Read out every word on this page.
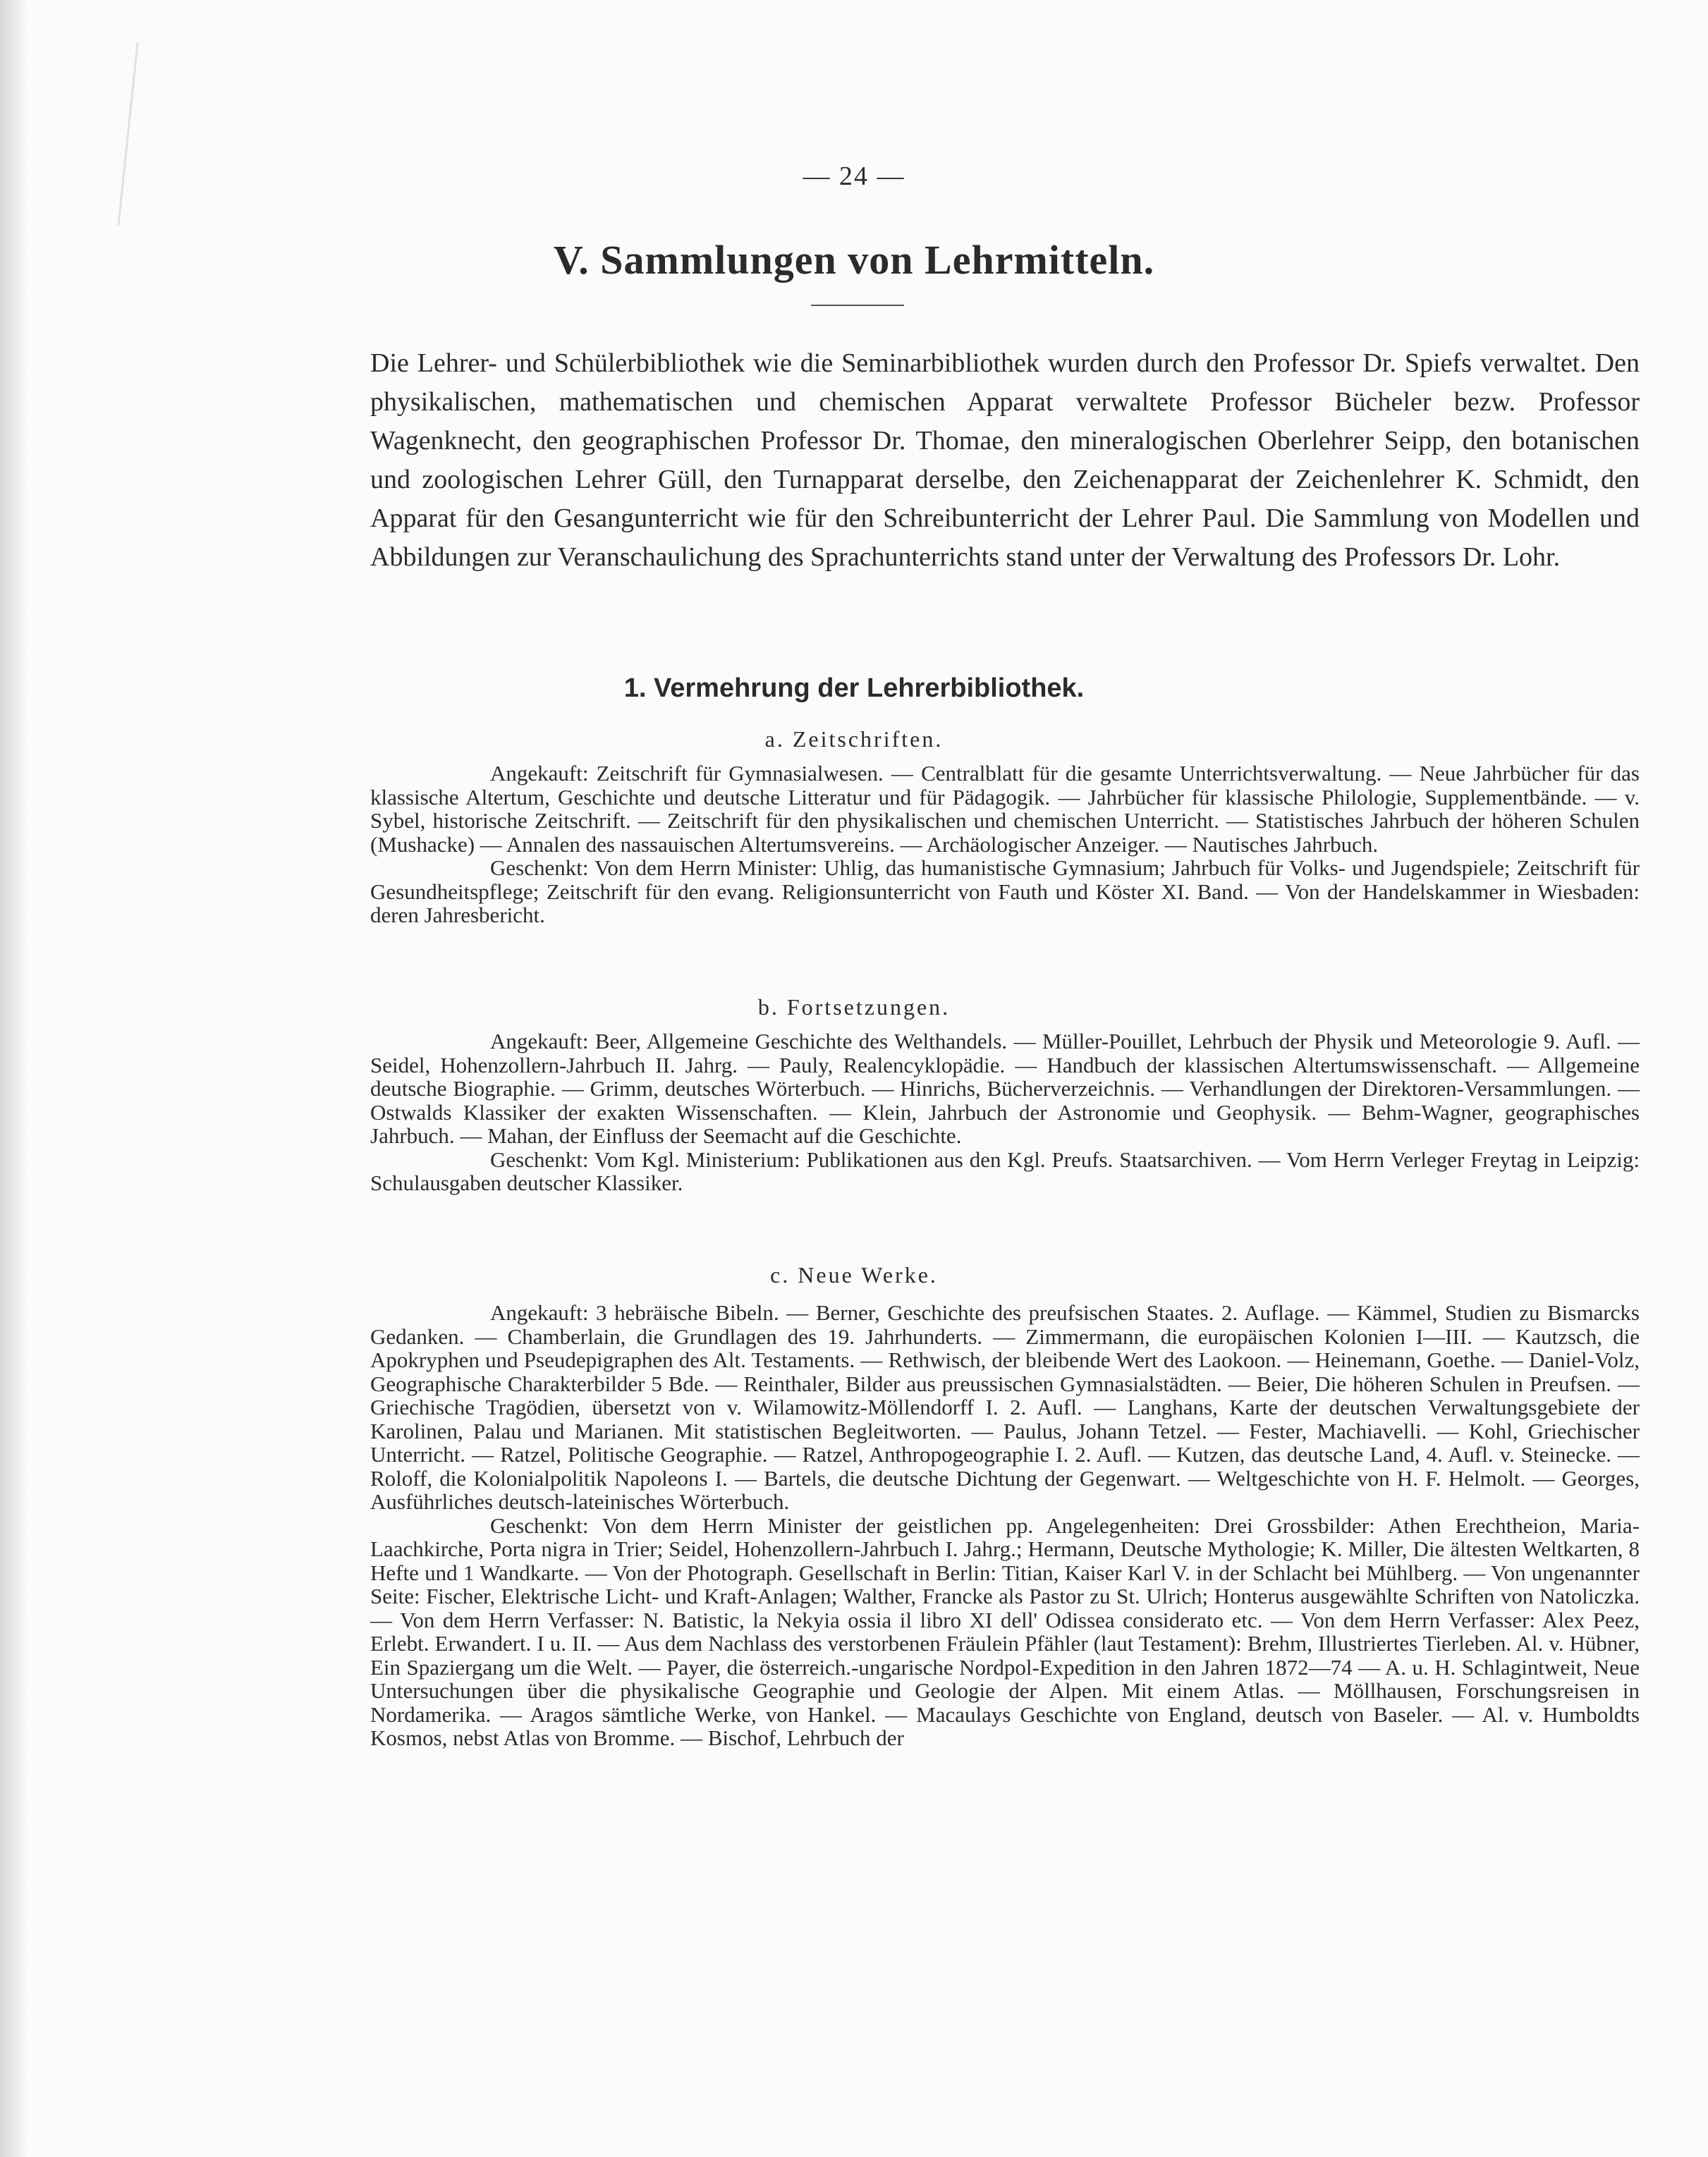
— 24 —
V. Sammlungen von Lehrmitteln.

Die Lehrer- und Schülerbibliothek wie die Seminarbibliothek wurden durch den Professor Dr. Spiefs verwaltet. Den physikalischen, mathematischen und chemischen Apparat verwaltete Professor Bücheler bezw. Professor Wagenknecht, den geographischen Professor Dr. Thomae, den mineralogischen Oberlehrer Seipp, den botanischen und zoologischen Lehrer Güll, den Turnapparat derselbe, den Zeichenapparat der Zeichenlehrer K. Schmidt, den Apparat für den Gesangunterricht wie für den Schreibunterricht der Lehrer Paul. Die Sammlung von Modellen und Abbildungen zur Veranschaulichung des Sprachunterrichts stand unter der Verwaltung des Professors Dr. Lohr.

1. Vermehrung der Lehrerbibliothek.
a. Zeitschriften.

Angekauft: Zeitschrift für Gymnasialwesen. — Centralblatt für die gesamte Unterrichtsverwaltung. — Neue Jahrbücher für das klassische Altertum, Geschichte und deutsche Litteratur und für Pädagogik. — Jahrbücher für klassische Philologie, Supplementbände. — v. Sybel, historische Zeitschrift. — Zeitschrift für den physikalischen und chemischen Unterricht. — Statistisches Jahrbuch der höheren Schulen (Mushacke) — Annalen des nassauischen Altertumsvereins. — Archäologischer Anzeiger. — Nautisches Jahrbuch.

Geschenkt: Von dem Herrn Minister: Uhlig, das humanistische Gymnasium; Jahrbuch für Volks- und Jugendspiele; Zeitschrift für Gesundheitspflege; Zeitschrift für den evang. Religionsunterricht von Fauth und Köster XI. Band. — Von der Handelskammer in Wiesbaden: deren Jahresbericht.

b. Fortsetzungen.

Angekauft: Beer, Allgemeine Geschichte des Welthandels. — Müller-Pouillet, Lehrbuch der Physik und Meteorologie 9. Aufl. — Seidel, Hohenzollern-Jahrbuch II. Jahrg. — Pauly, Realencyklopädie. — Handbuch der klassischen Altertumswissenschaft. — Allgemeine deutsche Biographie. — Grimm, deutsches Wörterbuch. — Hinrichs, Bücherverzeichnis. — Verhandlungen der Direktoren-Versammlungen. — Ostwalds Klassiker der exakten Wissenschaften. — Klein, Jahrbuch der Astronomie und Geophysik. — Behm-Wagner, geographisches Jahrbuch. — Mahan, der Einfluss der Seemacht auf die Geschichte.

Geschenkt: Vom Kgl. Ministerium: Publikationen aus den Kgl. Preufs. Staatsarchiven. — Vom Herrn Verleger Freytag in Leipzig: Schulausgaben deutscher Klassiker.

c. Neue Werke.

Angekauft: 3 hebräische Bibeln. — Berner, Geschichte des preufsischen Staates. 2. Auflage. — Kämmel, Studien zu Bismarcks Gedanken. — Chamberlain, die Grundlagen des 19. Jahrhunderts. — Zimmermann, die europäischen Kolonien I—III. — Kautzsch, die Apokryphen und Pseudepigraphen des Alt. Testaments. — Rethwisch, der bleibende Wert des Laokoon. — Heinemann, Goethe. — Daniel-Volz, Geographische Charakterbilder 5 Bde. — Reinthaler, Bilder aus preussischen Gymnasialstädten. — Beier, Die höheren Schulen in Preufsen. — Griechische Tragödien, übersetzt von v. Wilamowitz-Möllendorff I. 2. Aufl. — Langhans, Karte der deutschen Verwaltungsgebiete der Karolinen, Palau und Marianen. Mit statistischen Begleitworten. — Paulus, Johann Tetzel. — Fester, Machiavelli. — Kohl, Griechischer Unterricht. — Ratzel, Politische Geographie. — Ratzel, Anthropogeographie I. 2. Aufl. — Kutzen, das deutsche Land, 4. Aufl. v. Steinecke. — Roloff, die Kolonialpolitik Napoleons I. — Bartels, die deutsche Dichtung der Gegenwart. — Weltgeschichte von H. F. Helmolt. — Georges, Ausführliches deutsch-lateinisches Wörterbuch.

Geschenkt: Von dem Herrn Minister der geistlichen pp. Angelegenheiten: Drei Grossbilder: Athen Erechtheion, Maria-Laachkirche, Porta nigra in Trier; Seidel, Hohenzollern-Jahrbuch I. Jahrg.; Hermann, Deutsche Mythologie; K. Miller, Die ältesten Weltkarten, 8 Hefte und 1 Wandkarte. — Von der Photograph. Gesellschaft in Berlin: Titian, Kaiser Karl V. in der Schlacht bei Mühlberg. — Von ungenannter Seite: Fischer, Elektrische Licht- und Kraft-Anlagen; Walther, Francke als Pastor zu St. Ulrich; Honterus ausgewählte Schriften von Natoliczka. — Von dem Herrn Verfasser: N. Batistic, la Nekyia ossia il libro XI dell' Odissea considerato etc. — Von dem Herrn Verfasser: Alex Peez, Erlebt. Erwandert. I u. II. — Aus dem Nachlass des verstorbenen Fräulein Pfähler (laut Testament): Brehm, Illustriertes Tierleben. Al. v. Hübner, Ein Spaziergang um die Welt. — Payer, die österreich.-ungarische Nordpol-Expedition in den Jahren 1872—74 — A. u. H. Schlagintweit, Neue Untersuchungen über die physikalische Geographie und Geologie der Alpen. Mit einem Atlas. — Möllhausen, Forschungsreisen in Nordamerika. — Aragos sämtliche Werke, von Hankel. — Macaulays Geschichte von England, deutsch von Baseler. — Al. v. Humboldts Kosmos, nebst Atlas von Bromme. — Bischof, Lehrbuch der
